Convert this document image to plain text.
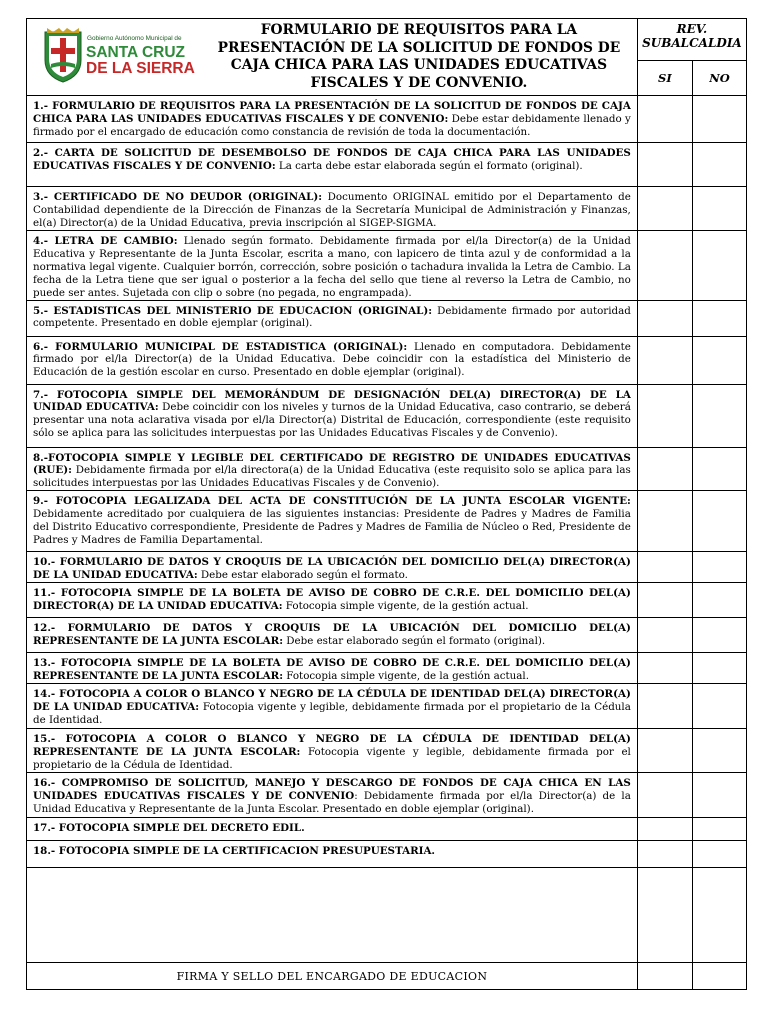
Gobierno Autónomo Municipal de
SANTA CRUZ
DE LA SIERRA
FORMULARIO DE REQUISITOS PARA LA PRESENTACIÓN DE LA SOLICITUD DE FONDOS DE CAJA CHICA PARA LAS UNIDADES EDUCATIVAS FISCALES Y DE CONVENIO.	REV. SUBALCALDIA	
	SI	NO
1.- FORMULARIO DE REQUISITOS PARA LA PRESENTACIÓN DE LA SOLICITUD DE FONDOS DE CAJA CHICA PARA LAS UNIDADES EDUCATIVAS FISCALES Y DE CONVENIO: Debe estar debidamente llenado y firmado por el encargado de educación como constancia de revisión de toda la documentación.		
2.- CARTA DE SOLICITUD DE DESEMBOLSO DE FONDOS DE CAJA CHICA PARA LAS UNIDADES EDUCATIVAS FISCALES Y DE CONVENIO: La carta debe estar elaborada según el formato (original).		
3.- CERTIFICADO DE NO DEUDOR (ORIGINAL): Documento ORIGINAL emitido por el Departamento de Contabilidad dependiente de la Dirección de Finanzas de la Secretaría Municipal de Administración y Finanzas, el(a) Director(a) de la Unidad Educativa, previa inscripción al SIGEP-SIGMA.		
4.- LETRA DE CAMBIO: Llenado según formato. Debidamente firmada por el/la Director(a) de la Unidad Educativa y Representante de la Junta Escolar, escrita a mano, con lapicero de tinta azul y de conformidad a la normativa legal vigente. Cualquier borrón, corrección, sobre posición o tachadura invalida la Letra de Cambio. La fecha de la Letra tiene que ser igual o posterior a la fecha del sello que tiene al reverso la Letra de Cambio, no puede ser antes. Sujetada con clip o sobre (no pegada, no engrampada).		
5.- ESTADISTICAS DEL MINISTERIO DE EDUCACION (ORIGINAL): Debidamente firmado por autoridad competente. Presentado en doble ejemplar (original).		
6.- FORMULARIO MUNICIPAL DE ESTADISTICA (ORIGINAL): Llenado en computadora. Debidamente firmado por el/la Director(a) de la Unidad Educativa. Debe coincidir con la estadística del Ministerio de Educación de la gestión escolar en curso. Presentado en doble ejemplar (original).		
7.- FOTOCOPIA SIMPLE DEL MEMORÁNDUM DE DESIGNACIÓN DEL(A) DIRECTOR(A) DE LA UNIDAD EDUCATIVA: Debe coincidir con los niveles y turnos de la Unidad Educativa, caso contrario, se deberá presentar una nota aclarativa visada por el/la Director(a) Distrital de Educación, correspondiente (este requisito sólo se aplica para las solicitudes interpuestas por las Unidades Educativas Fiscales y de Convenio).		
8.-FOTOCOPIA SIMPLE Y LEGIBLE DEL CERTIFICADO DE REGISTRO DE UNIDADES EDUCATIVAS (RUE): Debidamente firmada por el/la directora(a) de la Unidad Educativa (este requisito solo se aplica para las solicitudes interpuestas por las Unidades Educativas Fiscales y de Convenio).		
9.- FOTOCOPIA LEGALIZADA DEL ACTA DE CONSTITUCIÓN DE LA JUNTA ESCOLAR VIGENTE: Debidamente acreditado por cualquiera de las siguientes instancias: Presidente de Padres y Madres de Familia del Distrito Educativo correspondiente, Presidente de Padres y Madres de Familia de Núcleo o Red, Presidente de Padres y Madres de Familia Departamental.		
10.- FORMULARIO DE DATOS Y CROQUIS DE LA UBICACIÓN DEL DOMICILIO DEL(A) DIRECTOR(A) DE LA UNIDAD EDUCATIVA: Debe estar elaborado según el formato.		
11.- FOTOCOPIA SIMPLE DE LA BOLETA DE AVISO DE COBRO DE C.R.E. DEL DOMICILIO DEL(A) DIRECTOR(A) DE LA UNIDAD EDUCATIVA: Fotocopia simple vigente, de la gestión actual.		
12.- FORMULARIO DE DATOS Y CROQUIS DE LA UBICACIÓN DEL DOMICILIO DEL(A) REPRESENTANTE DE LA JUNTA ESCOLAR: Debe estar elaborado según el formato (original).		
13.- FOTOCOPIA SIMPLE DE LA BOLETA DE AVISO DE COBRO DE C.R.E. DEL DOMICILIO DEL(A) REPRESENTANTE DE LA JUNTA ESCOLAR: Fotocopia simple vigente, de la gestión actual.		
14.- FOTOCOPIA A COLOR O BLANCO Y NEGRO DE LA CÉDULA DE IDENTIDAD DEL(A) DIRECTOR(A) DE LA UNIDAD EDUCATIVA: Fotocopia vigente y legible, debidamente firmada por el propietario de la Cédula de Identidad.		
15.- FOTOCOPIA A COLOR O BLANCO Y NEGRO DE LA CÉDULA DE IDENTIDAD DEL(A) REPRESENTANTE DE LA JUNTA ESCOLAR: Fotocopia vigente y legible, debidamente firmada por el propietario de la Cédula de Identidad.		
16.- COMPROMISO DE SOLICITUD, MANEJO Y DESCARGO DE FONDOS DE CAJA CHICA EN LAS UNIDADES EDUCATIVAS FISCALES Y DE CONVENIO: Debidamente firmada por el/la Director(a) de la Unidad Educativa y Representante de la Junta Escolar. Presentado en doble ejemplar (original).		
17.- FOTOCOPIA SIMPLE DEL DECRETO EDIL.		
18.- FOTOCOPIA SIMPLE DE LA CERTIFICACION PRESUPUESTARIA.		

FIRMA Y SELLO DEL ENCARGADO DE EDUCACION		
